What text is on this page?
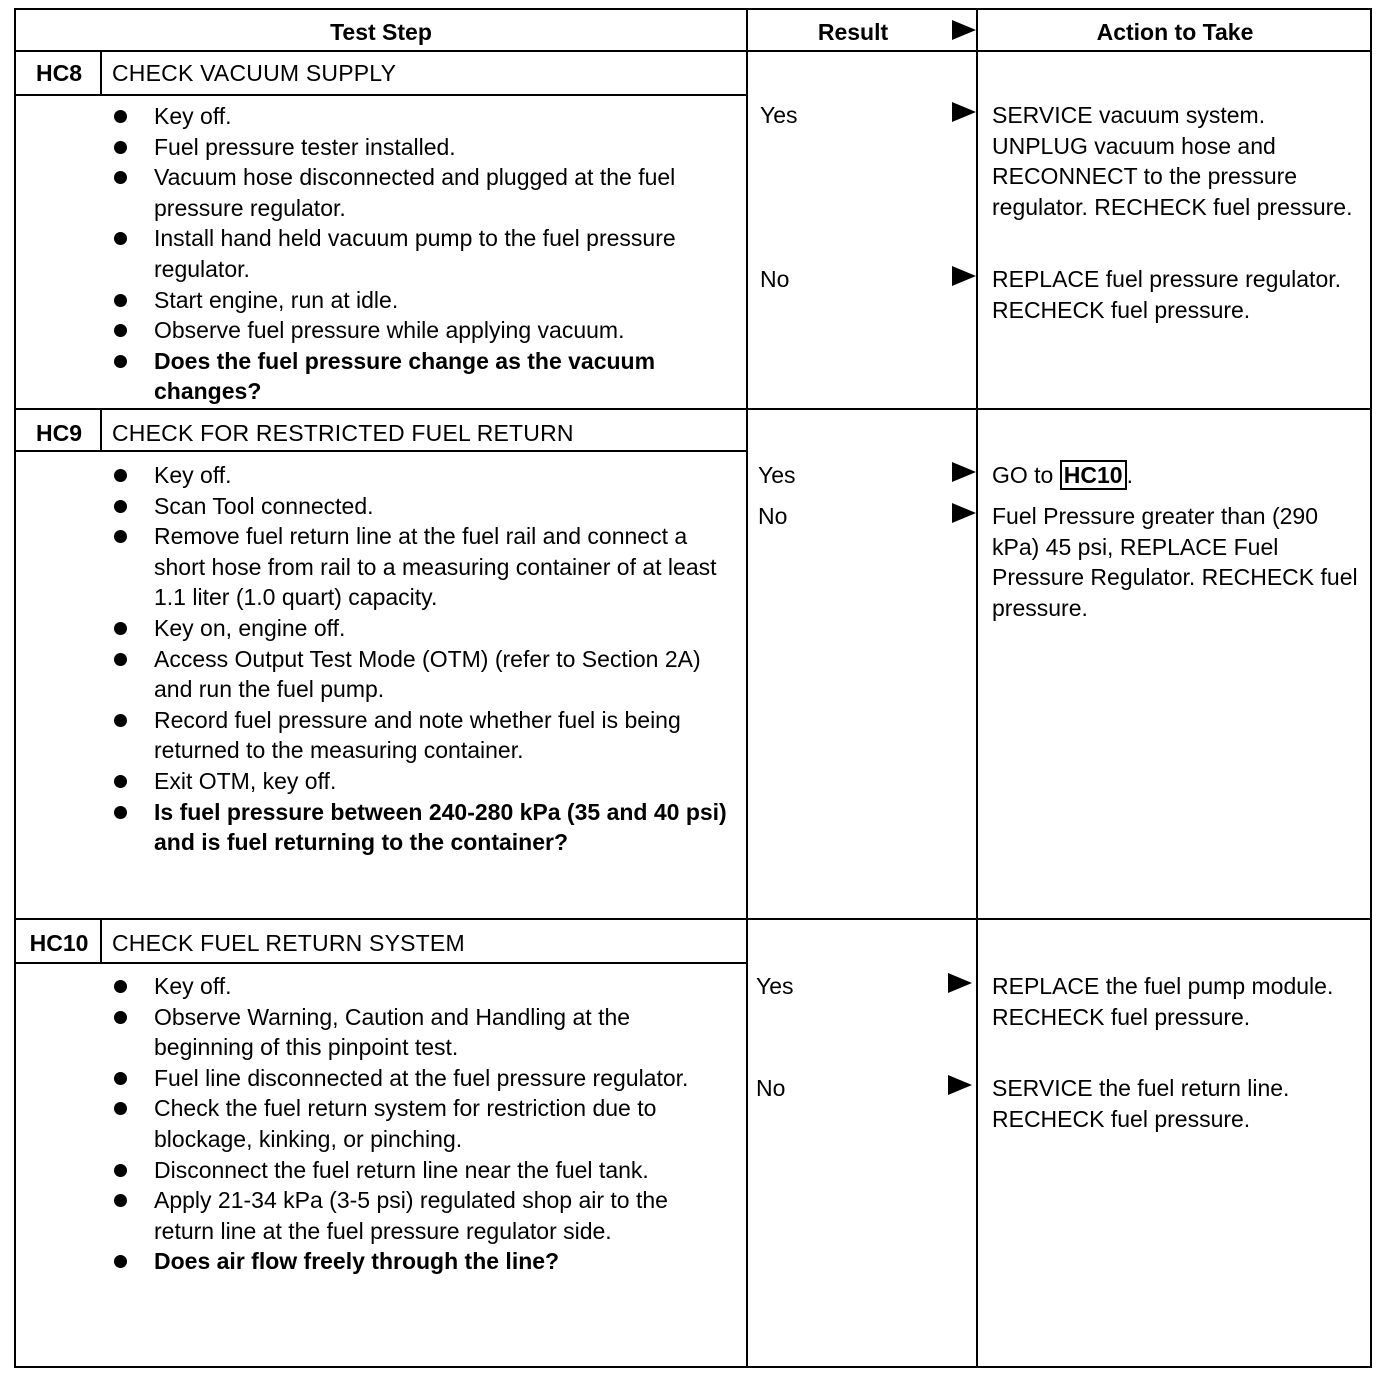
Test Step	Result	Action to Take
HC8	CHECK VACUUM SUPPLY
Key off.
Fuel pressure tester installed.
Vacuum hose disconnected and plugged at the fuel pressure regulator.
Install hand held vacuum pump to the fuel pressure regulator.
Start engine, run at idle.
Observe fuel pressure while applying vacuum.
Does the fuel pressure change as the vacuum changes?
Yes	SERVICE vacuum system. UNPLUG vacuum hose and RECONNECT to the pressure regulator. RECHECK fuel pressure.
No	REPLACE fuel pressure regulator. RECHECK fuel pressure.
HC9	CHECK FOR RESTRICTED FUEL RETURN
Key off.
Scan Tool connected.
Remove fuel return line at the fuel rail and connect a short hose from rail to a measuring container of at least 1.1 liter (1.0 quart) capacity.
Key on, engine off.
Access Output Test Mode (OTM) (refer to Section 2A) and run the fuel pump.
Record fuel pressure and note whether fuel is being returned to the measuring container.
Exit OTM, key off.
Is fuel pressure between 240-280 kPa (35 and 40 psi) and is fuel returning to the container?
Yes	GO to HC10 .
No	Fuel Pressure greater than (290 kPa) 45 psi, REPLACE Fuel Pressure Regulator. RECHECK fuel pressure.
HC10	CHECK FUEL RETURN SYSTEM
Key off.
Observe Warning, Caution and Handling at the beginning of this pinpoint test.
Fuel line disconnected at the fuel pressure regulator.
Check the fuel return system for restriction due to blockage, kinking, or pinching.
Disconnect the fuel return line near the fuel tank.
Apply 21-34 kPa (3-5 psi) regulated shop air to the return line at the fuel pressure regulator side.
Does air flow freely through the line?
Yes	REPLACE the fuel pump module. RECHECK fuel pressure.
No	SERVICE the fuel return line. RECHECK fuel pressure.
